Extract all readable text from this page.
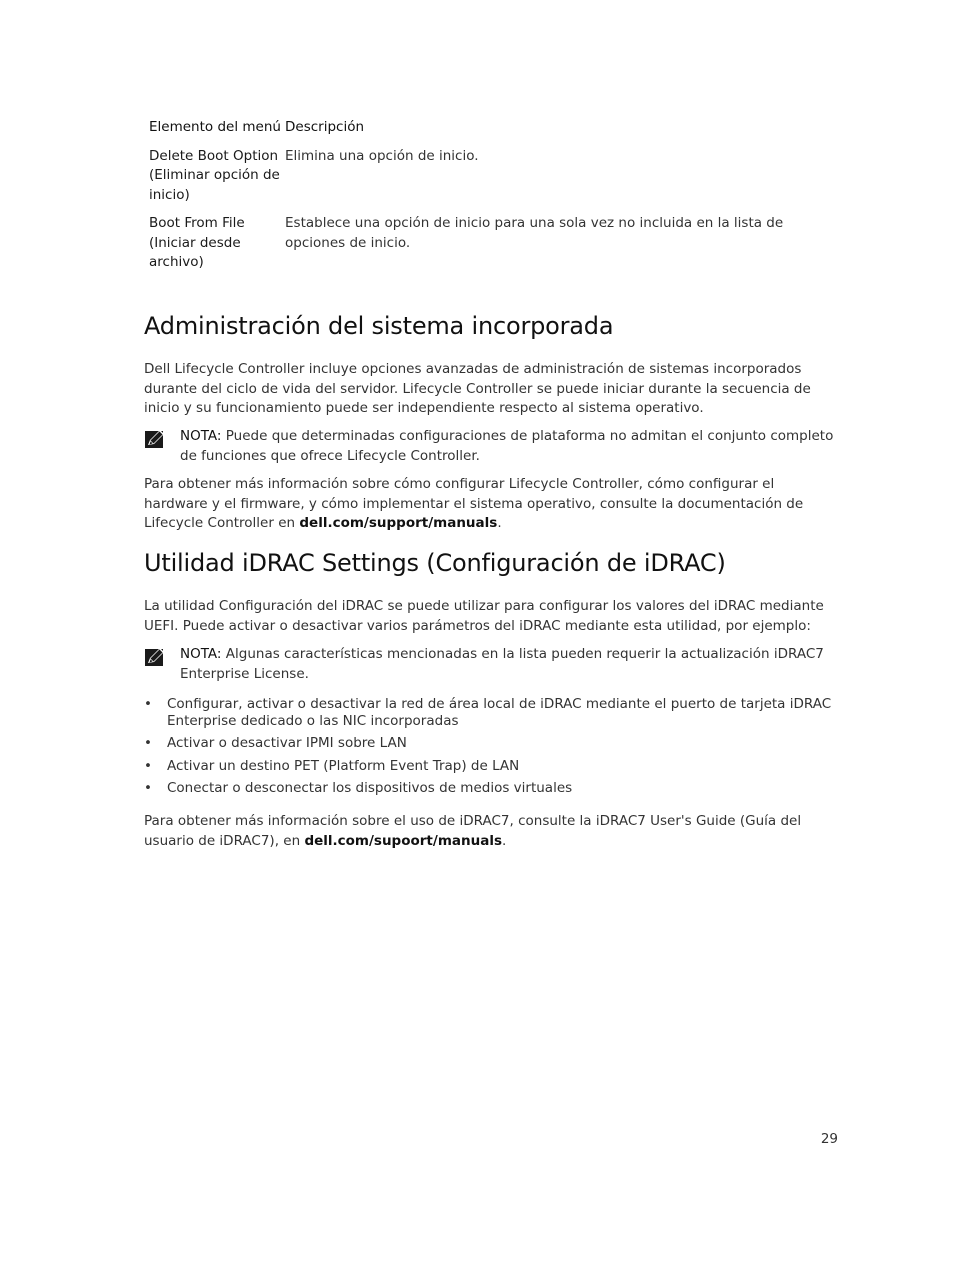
Elemento del menú Descripción
Delete Boot Option (Eliminar opción de inicio)
Elimina una opción de inicio.
Boot From File (Iniciar desde archivo)
Establece una opción de inicio para una sola vez no incluida en la lista de opciones de inicio.
Administración del sistema incorporada

Dell Lifecycle Controller incluye opciones avanzadas de administración de sistemas incorporados durante del ciclo de vida del servidor. Lifecycle Controller se puede iniciar durante la secuencia de inicio y su funcionamiento puede ser independiente respecto al sistema operativo.

NOTA: Puede que determinadas configuraciones de plataforma no admitan el conjunto completo de funciones que ofrece Lifecycle Controller.

Para obtener más información sobre cómo configurar Lifecycle Controller, cómo configurar el hardware y el firmware, y cómo implementar el sistema operativo, consulte la documentación de Lifecycle Controller en dell.com/support/manuals.

Utilidad iDRAC Settings (Configuración de iDRAC)

La utilidad Configuración del iDRAC se puede utilizar para configurar los valores del iDRAC mediante UEFI. Puede activar o desactivar varios parámetros del iDRAC mediante esta utilidad, por ejemplo:

NOTA: Algunas características mencionadas en la lista pueden requerir la actualización iDRAC7 Enterprise License.
• Configurar, activar o desactivar la red de área local de iDRAC mediante el puerto de tarjeta iDRAC Enterprise dedicado o las NIC incorporadas
• Activar o desactivar IPMI sobre LAN
• Activar un destino PET (Platform Event Trap) de LAN
• Conectar o desconectar los dispositivos de medios virtuales

Para obtener más información sobre el uso de iDRAC7, consulte la iDRAC7 User's Guide (Guía del usuario de iDRAC7), en dell.com/supoort/manuals.

29
